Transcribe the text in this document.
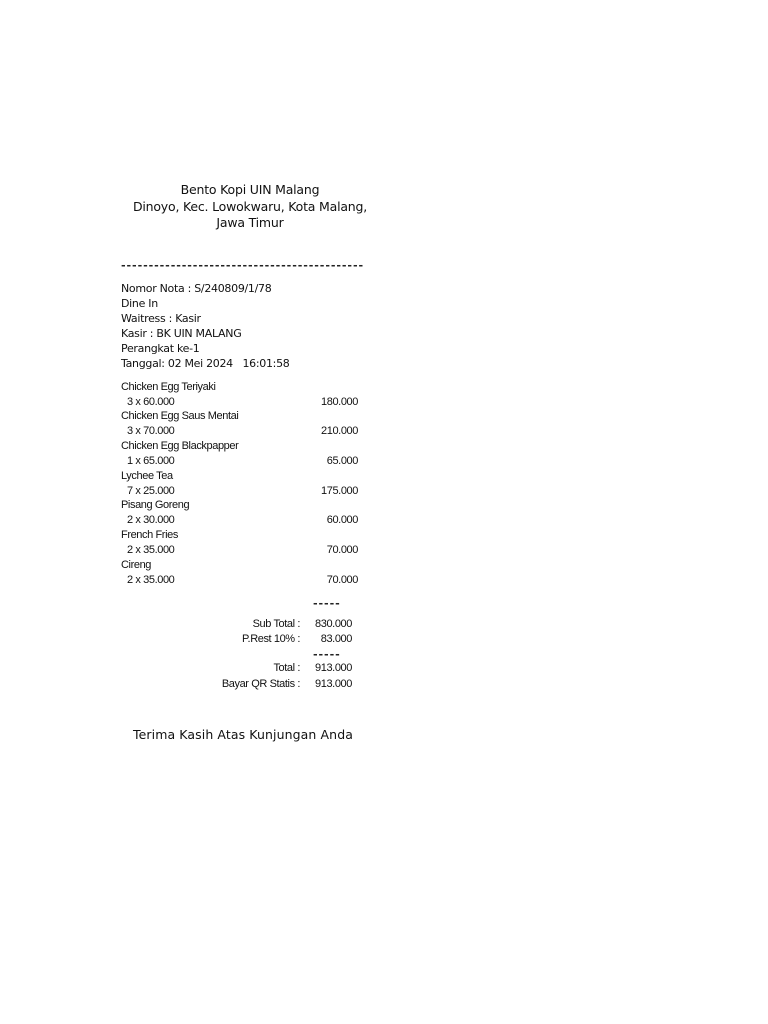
Bento Kopi UIN Malang
Dinoyo, Kec. Lowokwaru, Kota Malang,
Jawa Timur
--------------------------------------------
Nomor Nota : S/240809/1/78
Dine In
Waitress : Kasir
Kasir : BK UIN MALANG
Perangkat ke-1
Tanggal: 02 Mei 2024   16:01:58
Chicken Egg Teriyaki
3 x 60.000	180.000
Chicken Egg Saus Mentai
3 x 70.000	210.000
Chicken Egg Blackpapper
1 x 65.000	65.000
Lychee Tea
7 x 25.000	175.000
Pisang Goreng
2 x 30.000	60.000
French Fries
2 x 35.000	70.000
Cireng
2 x 35.000	70.000
-----
Sub Total :	830.000
P.Rest 10% :	83.000
-----
Total :	913.000
Bayar QR Statis :	913.000
Terima Kasih Atas Kunjungan Anda
